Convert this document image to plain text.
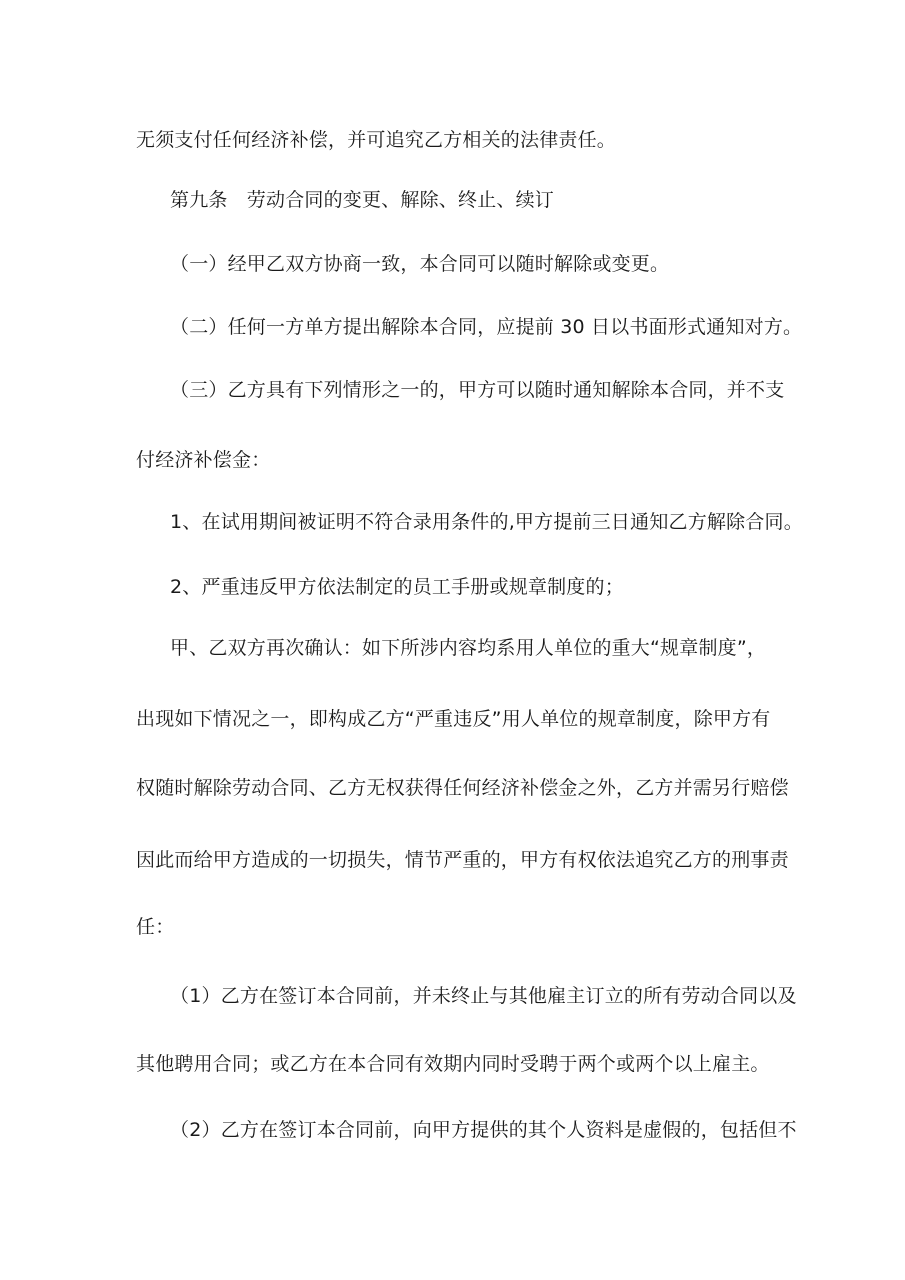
无须支付任何经济补偿，并可追究乙方相关的法律责任。
第九条　劳动合同的变更、解除、终止、续订
（一）经甲乙双方协商一致，本合同可以随时解除或变更。
（二）任何一方单方提出解除本合同，应提前 30 日以书面形式通知对方。
（三）乙方具有下列情形之一的，甲方可以随时通知解除本合同，并不支
付经济补偿金：
1、在试用期间被证明不符合录用条件的,甲方提前三日通知乙方解除合同。
2、严重违反甲方依法制定的员工手册或规章制度的；
甲、乙双方再次确认：如下所涉内容均系用人单位的重大“规章制度”，
出现如下情况之一，即构成乙方“严重违反”用人单位的规章制度，除甲方有
权随时解除劳动合同、乙方无权获得任何经济补偿金之外，乙方并需另行赔偿
因此而给甲方造成的一切损失，情节严重的，甲方有权依法追究乙方的刑事责
任：
（1）乙方在签订本合同前，并未终止与其他雇主订立的所有劳动合同以及
其他聘用合同；或乙方在本合同有效期内同时受聘于两个或两个以上雇主。
（2）乙方在签订本合同前，向甲方提供的其个人资料是虚假的，包括但不
